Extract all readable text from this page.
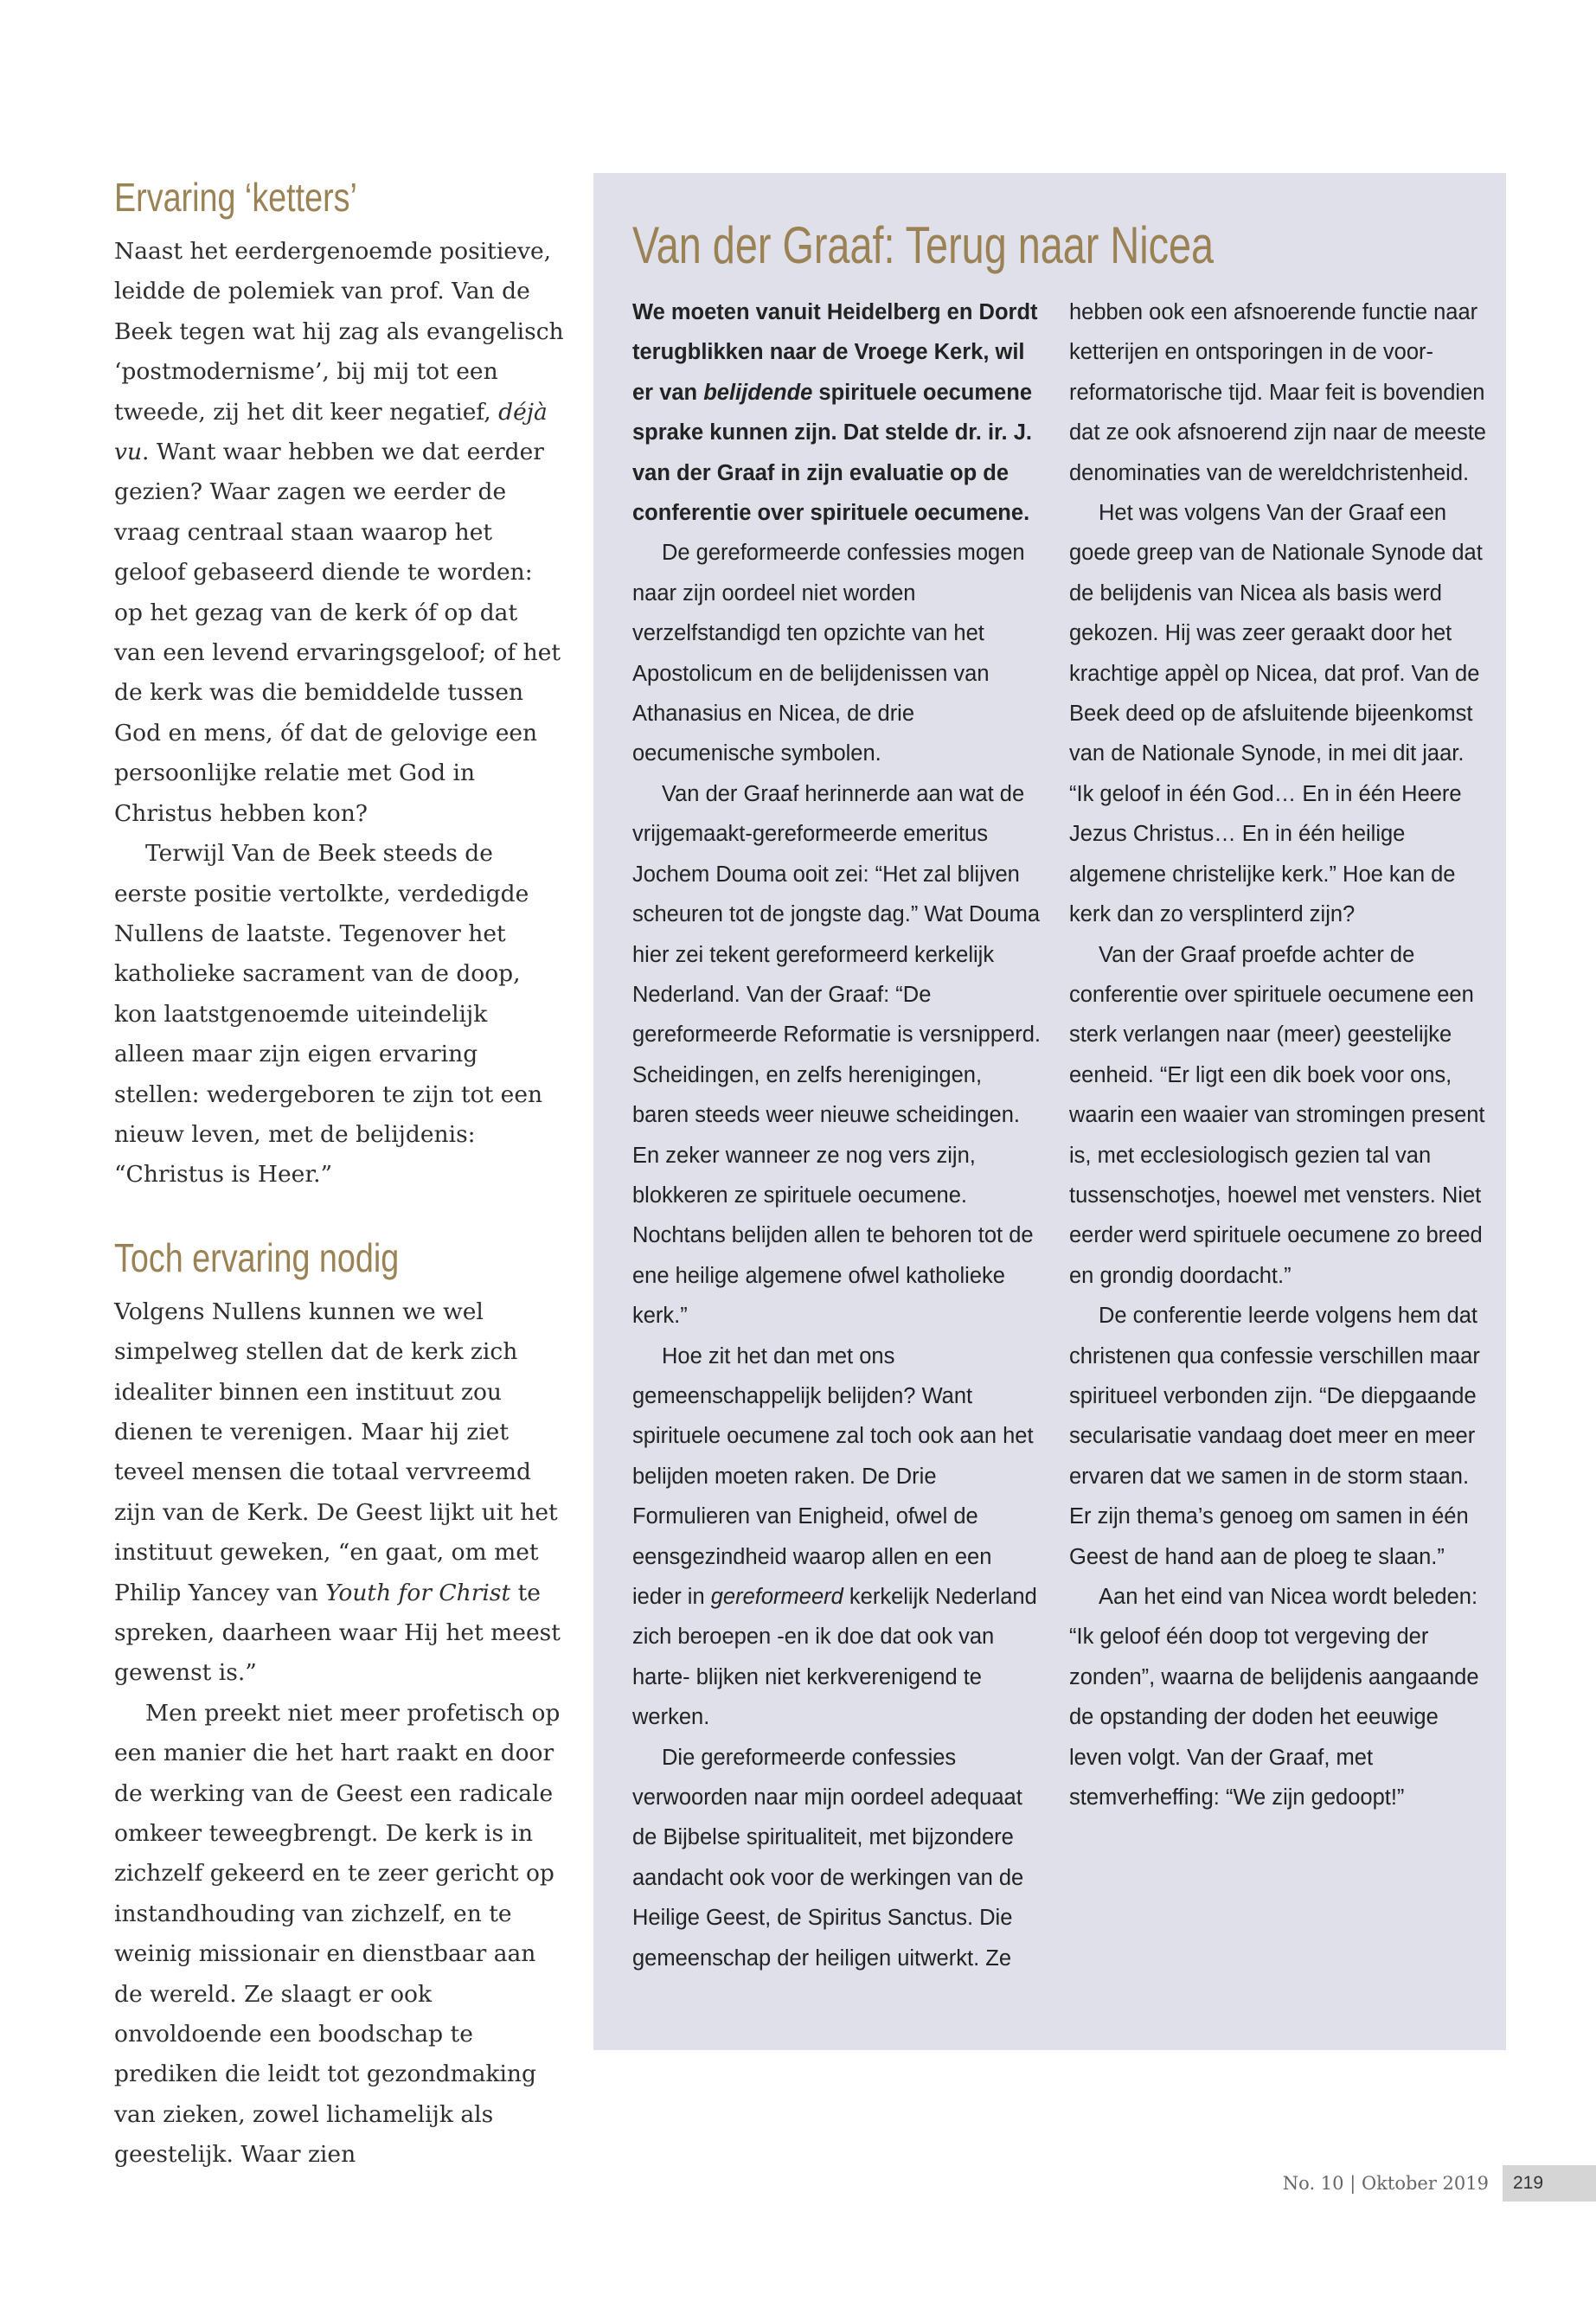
Ervaring ‘ketters’

Naast het eerdergenoemde positieve, leidde de polemiek van prof. Van de Beek tegen wat hij zag als evangelisch ‘postmodernisme’, bij mij tot een tweede, zij het dit keer negatief, déjà vu. Want waar hebben we dat eerder gezien? Waar zagen we eerder de vraag centraal staan waarop het geloof gebaseerd diende te worden: op het gezag van de kerk óf op dat van een levend ervaringsgeloof; of het de kerk was die bemiddelde tussen God en mens, óf dat de gelovige een persoonlijke relatie met God in Christus hebben kon?

Terwijl Van de Beek steeds de eerste positie vertolkte, verdedigde Nullens de laatste. Tegenover het katholieke sacrament van de doop, kon laatstgenoemde uiteindelijk alleen maar zijn eigen ervaring stellen: wedergeboren te zijn tot een nieuw leven, met de belijdenis: “Christus is Heer.”

Toch ervaring nodig

Volgens Nullens kunnen we wel simpelweg stellen dat de kerk zich idealiter binnen een instituut zou dienen te verenigen. Maar hij ziet teveel mensen die totaal vervreemd zijn van de Kerk. De Geest lijkt uit het instituut geweken, “en gaat, om met Philip Yancey van Youth for Christ te spreken, daarheen waar Hij het meest gewenst is.”

Men preekt niet meer profetisch op een manier die het hart raakt en door de werking van de Geest een radicale omkeer teweegbrengt. De kerk is in zichzelf gekeerd en te zeer gericht op instandhouding van zichzelf, en te weinig missionair en dienstbaar aan de wereld. Ze slaagt er ook onvoldoende een boodschap te prediken die leidt tot gezondmaking van zieken, zowel lichamelijk als geestelijk. Waar zien

Van der Graaf: Terug naar Nicea

We moeten vanuit Heidelberg en Dordt terugblikken naar de Vroege Kerk, wil er van belijdende spirituele oecumene sprake kunnen zijn. Dat stelde dr. ir. J. van der Graaf in zijn evaluatie op de conferentie over spirituele oecumene.

De gereformeerde confessies mogen naar zijn oordeel niet worden verzelfstandigd ten opzichte van het Apostolicum en de belijdenissen van Athanasius en Nicea, de drie oecumenische symbolen.

Van der Graaf herinnerde aan wat de vrijgemaakt-gereformeerde emeritus Jochem Douma ooit zei: “Het zal blijven scheuren tot de jongste dag.” Wat Douma hier zei tekent gereformeerd kerkelijk Nederland. Van der Graaf: “De gereformeerde Reformatie is versnipperd. Scheidingen, en zelfs herenigingen, baren steeds weer nieuwe scheidingen. En zeker wanneer ze nog vers zijn, blokkeren ze spirituele oecumene. Nochtans belijden allen te behoren tot de ene heilige algemene ofwel katholieke kerk.”

Hoe zit het dan met ons gemeenschappelijk belijden? Want spirituele oecumene zal toch ook aan het belijden moeten raken. De Drie Formulieren van Enigheid, ofwel de eensgezindheid waarop allen en een ieder in gereformeerd kerkelijk Nederland zich beroepen -en ik doe dat ook van harte- blijken niet kerkverenigend te werken.

Die gereformeerde confessies verwoorden naar mijn oordeel adequaat de Bijbelse spiritualiteit, met bijzondere aandacht ook voor de werkingen van de Heilige Geest, de Spiritus Sanctus. Die gemeenschap der heiligen uitwerkt. Ze

hebben ook een afsnoerende functie naar ketterijen en ontsporingen in de voor-reformatorische tijd. Maar feit is bovendien dat ze ook afsnoerend zijn naar de meeste denominaties van de wereldchristenheid.

Het was volgens Van der Graaf een goede greep van de Nationale Synode dat de belijdenis van Nicea als basis werd gekozen. Hij was zeer geraakt door het krachtige appèl op Nicea, dat prof. Van de Beek deed op de afsluitende bijeenkomst van de Nationale Synode, in mei dit jaar. “Ik geloof in één God… En in één Heere Jezus Christus… En in één heilige algemene christelijke kerk.” Hoe kan de kerk dan zo versplinterd zijn?

Van der Graaf proefde achter de conferentie over spirituele oecumene een sterk verlangen naar (meer) geestelijke eenheid. “Er ligt een dik boek voor ons, waarin een waaier van stromingen present is, met ecclesiologisch gezien tal van tussenschotjes, hoewel met vensters. Niet eerder werd spirituele oecumene zo breed en grondig doordacht.”

De conferentie leerde volgens hem dat christenen qua confessie verschillen maar spiritueel verbonden zijn. “De diepgaande secularisatie vandaag doet meer en meer ervaren dat we samen in de storm staan. Er zijn thema’s genoeg om samen in één Geest de hand aan de ploeg te slaan.”

Aan het eind van Nicea wordt beleden: “Ik geloof één doop tot vergeving der zonden”, waarna de belijdenis aangaande de opstanding der doden het eeuwige leven volgt. Van der Graaf, met stemverheffing: “We zijn gedoopt!”

No. 10 | Oktober 2019	219
